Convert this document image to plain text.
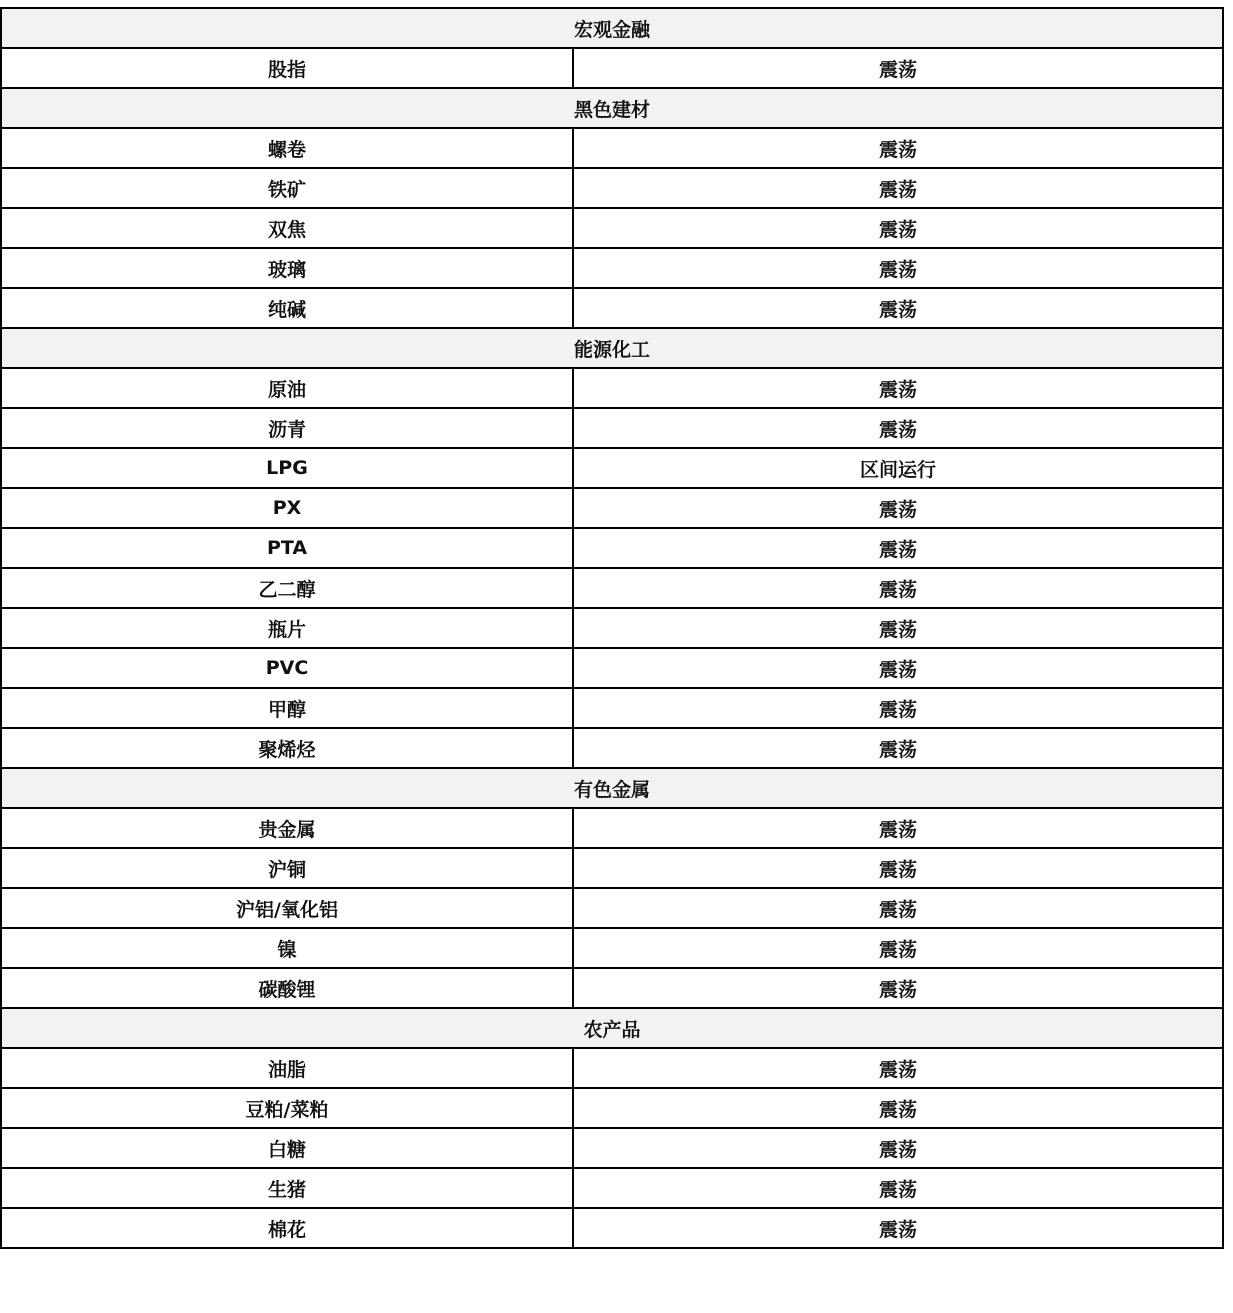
宏观金融	
股指	震荡
黑色建材	
螺卷	震荡
铁矿	震荡
双焦	震荡
玻璃	震荡
纯碱	震荡
能源化工	
原油	震荡
沥青	震荡
LPG	区间运行
PX	震荡
PTA	震荡
乙二醇	震荡
瓶片	震荡
PVC	震荡
甲醇	震荡
聚烯烃	震荡
有色金属	
贵金属	震荡
沪铜	震荡
沪铝/氧化铝	震荡
镍	震荡
碳酸锂	震荡
农产品	
油脂	震荡
豆粕/菜粕	震荡
白糖	震荡
生猪	震荡
棉花	震荡
